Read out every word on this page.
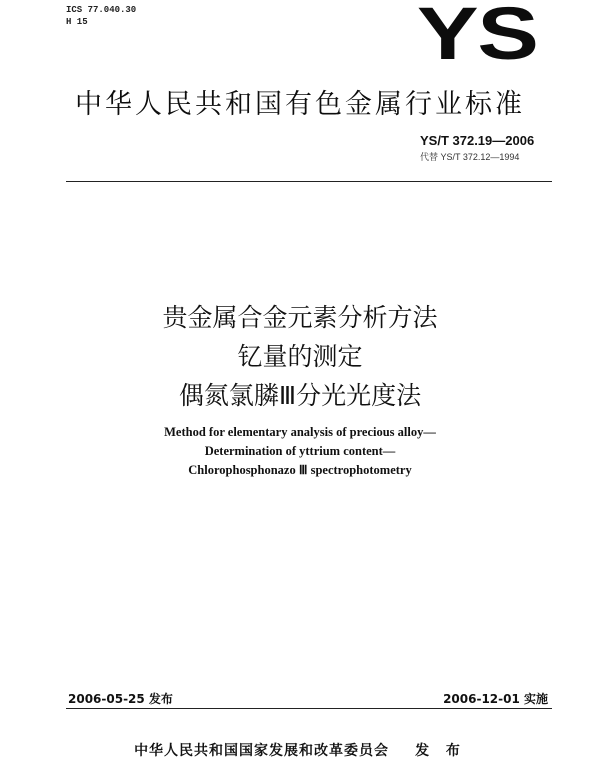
ICS 77.040.30
H 15	YS
中华人民共和国有色金属行业标准
YS/T 372.19—2006
代替 YS/T 372.12—1994
贵金属合金元素分析方法
钇量的测定
偶氮氯膦Ⅲ分光光度法
Method for elementary analysis of precious alloy—
Determination of yttrium content—
Chlorophosphonazo Ⅲ spectrophotometry
2006-05-25 发布	2006-12-01 实施
中华人民共和国国家发展和改革委员会 发 布
